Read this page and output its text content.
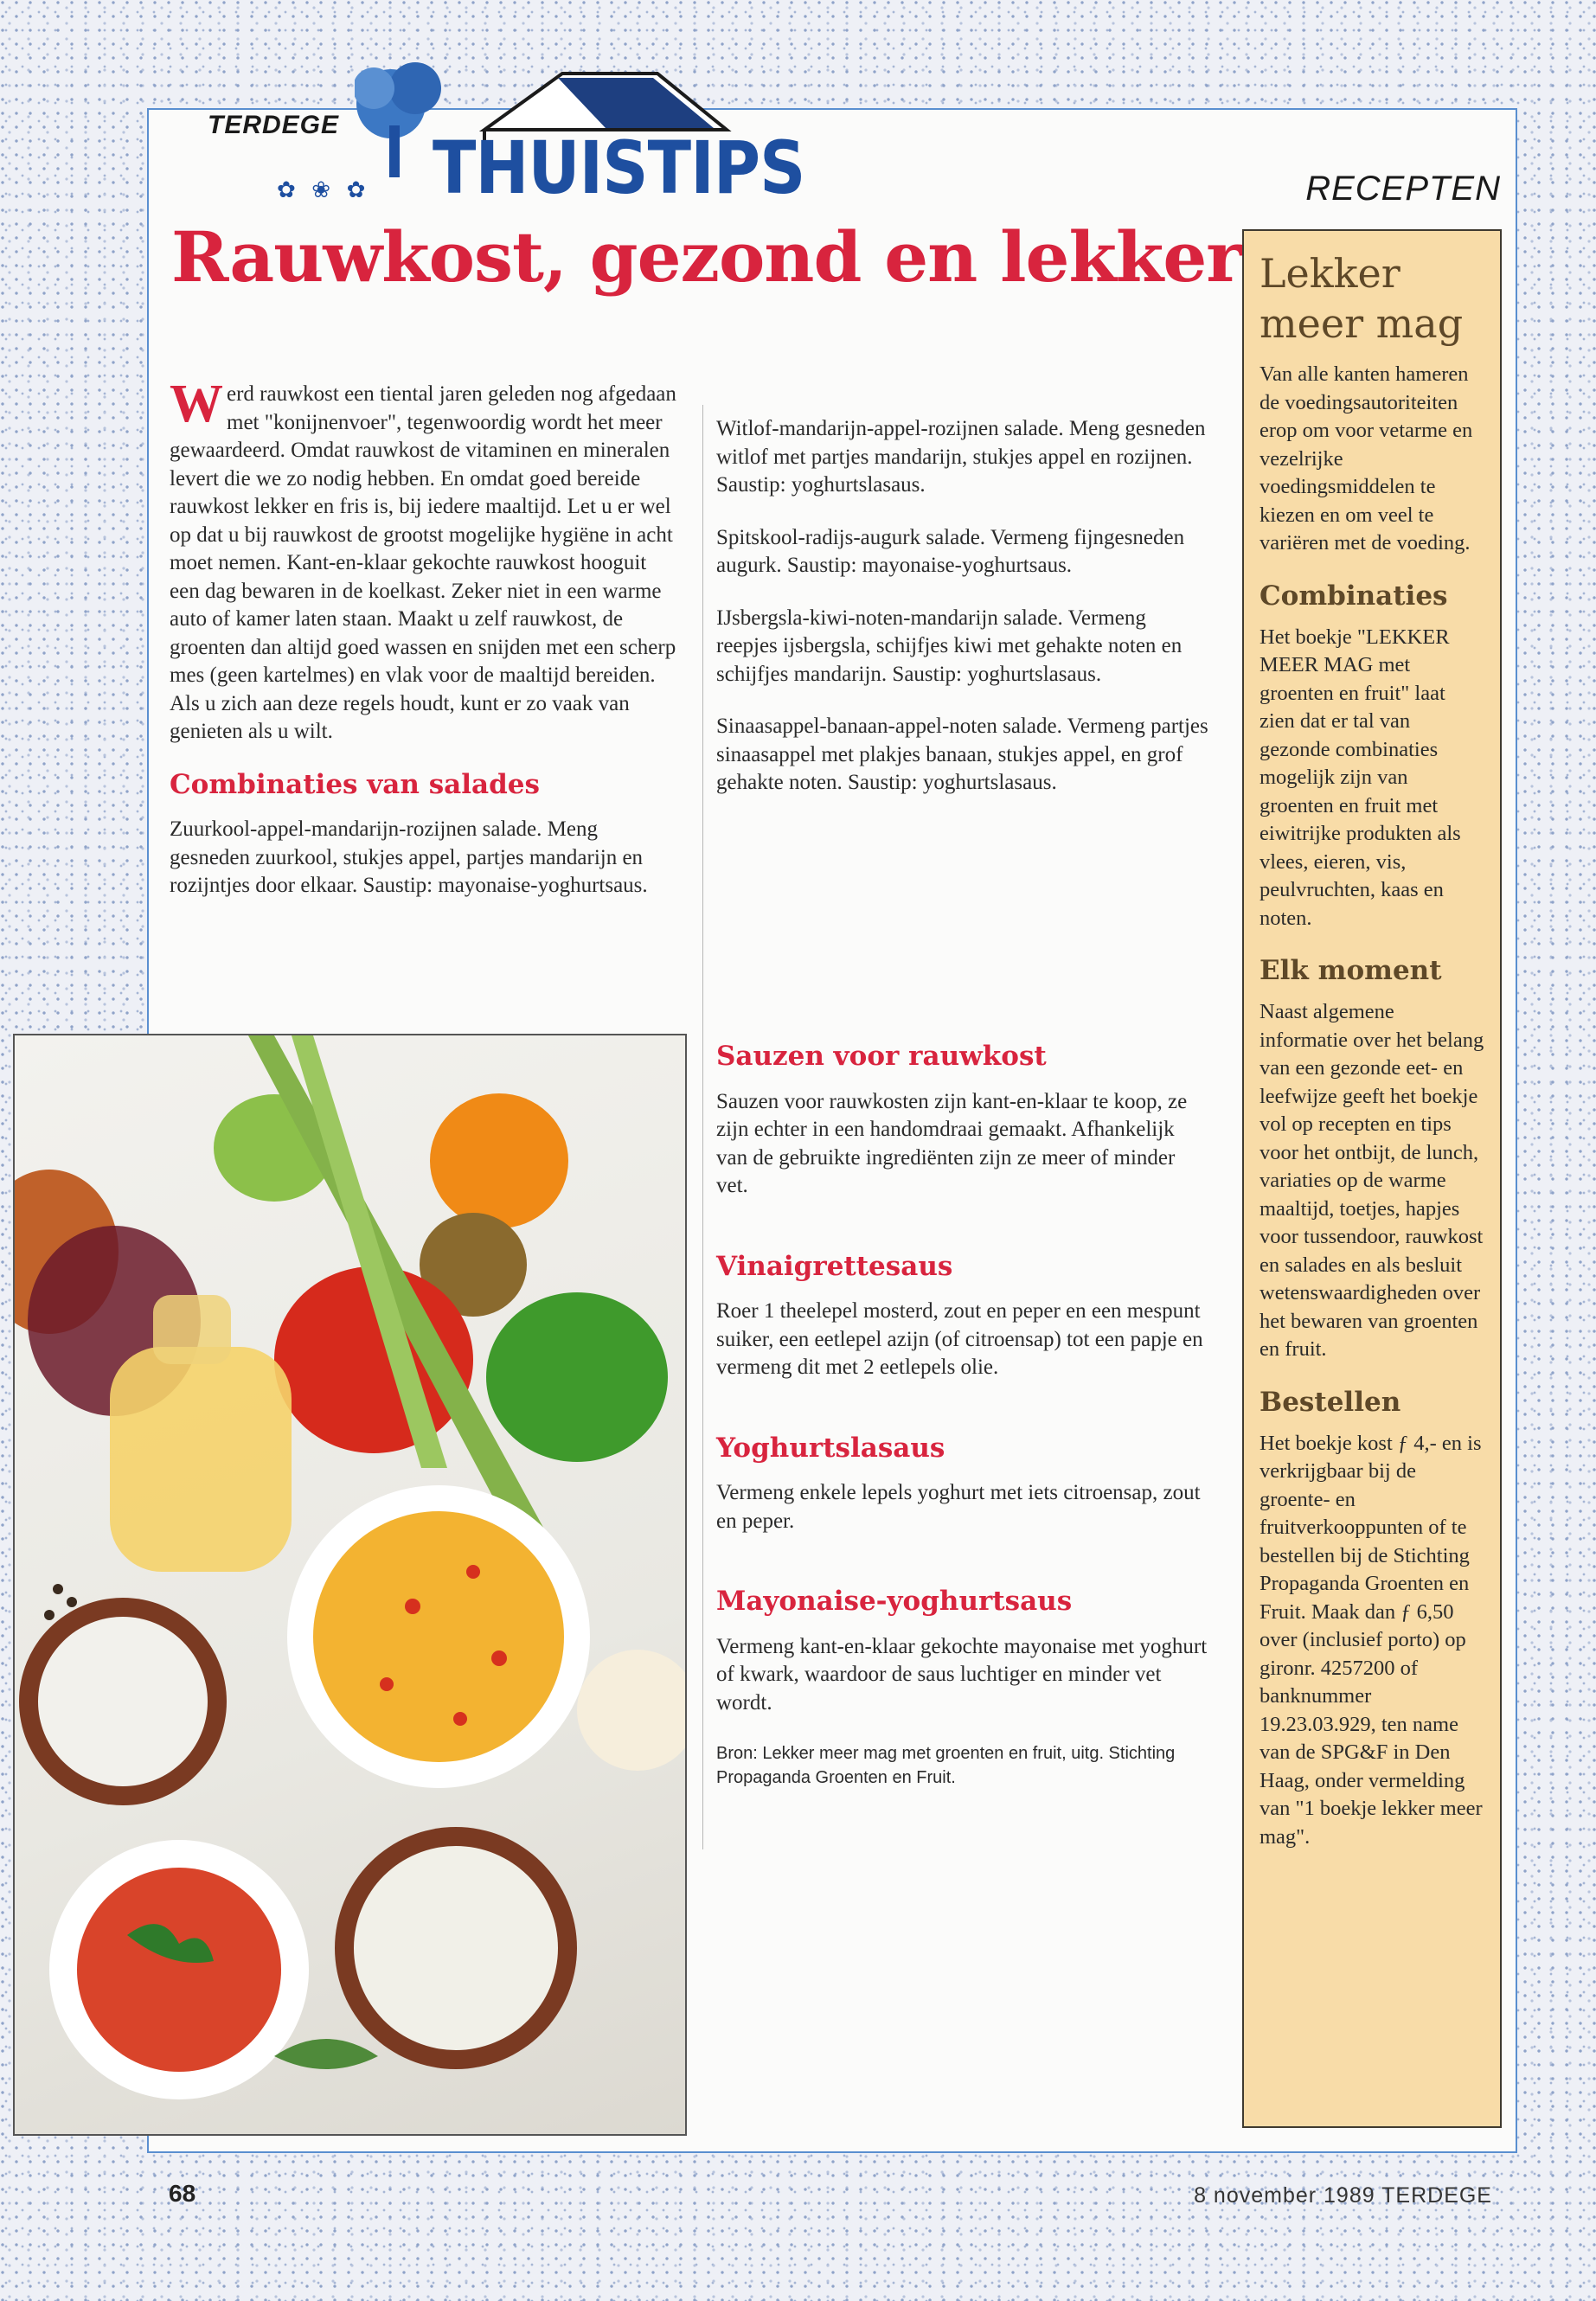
TERDEGE
✿ ❀ ✿ THUISTIPS	RECEPTEN
Rauwkost, gezond en lekker

Werd rauwkost een tiental jaren geleden nog afgedaan met "konijnenvoer", tegenwoordig wordt het meer gewaardeerd. Omdat rauwkost de vitaminen en mineralen levert die we zo nodig hebben. En omdat goed bereide rauwkost lekker en fris is, bij iedere maaltijd. Let u er wel op dat u bij rauwkost de grootst mogelijke hygiëne in acht moet nemen. Kant-en-klaar gekochte rauwkost hooguit een dag bewaren in de koelkast. Zeker niet in een warme auto of kamer laten staan. Maakt u zelf rauwkost, de groenten dan altijd goed wassen en snijden met een scherp mes (geen kartelmes) en vlak voor de maaltijd bereiden. Als u zich aan deze regels houdt, kunt er zo vaak van genieten als u wilt.

Combinaties van salades

Zuurkool-appel-mandarijn-rozijnen salade. Meng gesneden zuurkool, stukjes appel, partjes mandarijn en rozijntjes door elkaar. Saustip: mayonaise-yoghurtsaus.

Witlof-mandarijn-appel-rozijnen salade. Meng gesneden witlof met partjes mandarijn, stukjes appel en rozijnen. Saustip: yoghurtslasaus.

Spitskool-radijs-augurk salade. Vermeng fijngesneden augurk. Saustip: mayonaise-yoghurtsaus.

IJsbergsla-kiwi-noten-mandarijn salade. Vermeng reepjes ijsbergsla, schijfjes kiwi met gehakte noten en schijfjes mandarijn. Saustip: yoghurtslasaus.

Sinaasappel-banaan-appel-noten salade. Vermeng partjes sinaasappel met plakjes banaan, stukjes appel, en grof gehakte noten. Saustip: yoghurtslasaus.

Sauzen voor rauwkost

Sauzen voor rauwkosten zijn kant-en-klaar te koop, ze zijn echter in een handomdraai gemaakt. Afhankelijk van de gebruikte ingrediënten zijn ze meer of minder vet.

Vinaigrettesaus

Roer 1 theelepel mosterd, zout en peper en een mespunt suiker, een eetlepel azijn (of citroensap) tot een papje en vermeng dit met 2 eetlepels olie.

Yoghurtslasaus

Vermeng enkele lepels yoghurt met iets citroensap, zout en peper.

Mayonaise-yoghurtsaus

Vermeng kant-en-klaar gekochte mayonaise met yoghurt of kwark, waardoor de saus luchtiger en minder vet wordt.

Bron: Lekker meer mag met groenten en fruit, uitg. Stichting Propaganda Groenten en Fruit.

Lekker
meer mag

Van alle kanten hameren de voedingsautoriteiten erop om voor vetarme en vezelrijke voedingsmiddelen te kiezen en om veel te variëren met de voeding.

Combinaties

Het boekje "LEKKER MEER MAG met groenten en fruit" laat zien dat er tal van gezonde combinaties mogelijk zijn van groenten en fruit met eiwitrijke produkten als vlees, eieren, vis, peulvruchten, kaas en noten.

Elk moment

Naast algemene informatie over het belang van een gezonde eet- en leefwijze geeft het boekje vol op recepten en tips voor het ontbijt, de lunch, variaties op de warme maaltijd, toetjes, hapjes voor tussendoor, rauwkost en salades en als besluit wetenswaardigheden over het bewaren van groenten en fruit.

Bestellen

Het boekje kost ƒ 4,- en is verkrijgbaar bij de groente- en fruitverkooppunten of te bestellen bij de Stichting Propaganda Groenten en Fruit. Maak dan ƒ 6,50 over (inclusief porto) op gironr. 4257200 of banknummer 19.23.03.929, ten name van de SPG&F in Den Haag, onder vermelding van "1 boekje lekker meer mag".

68	8 november 1989 TERDEGE
